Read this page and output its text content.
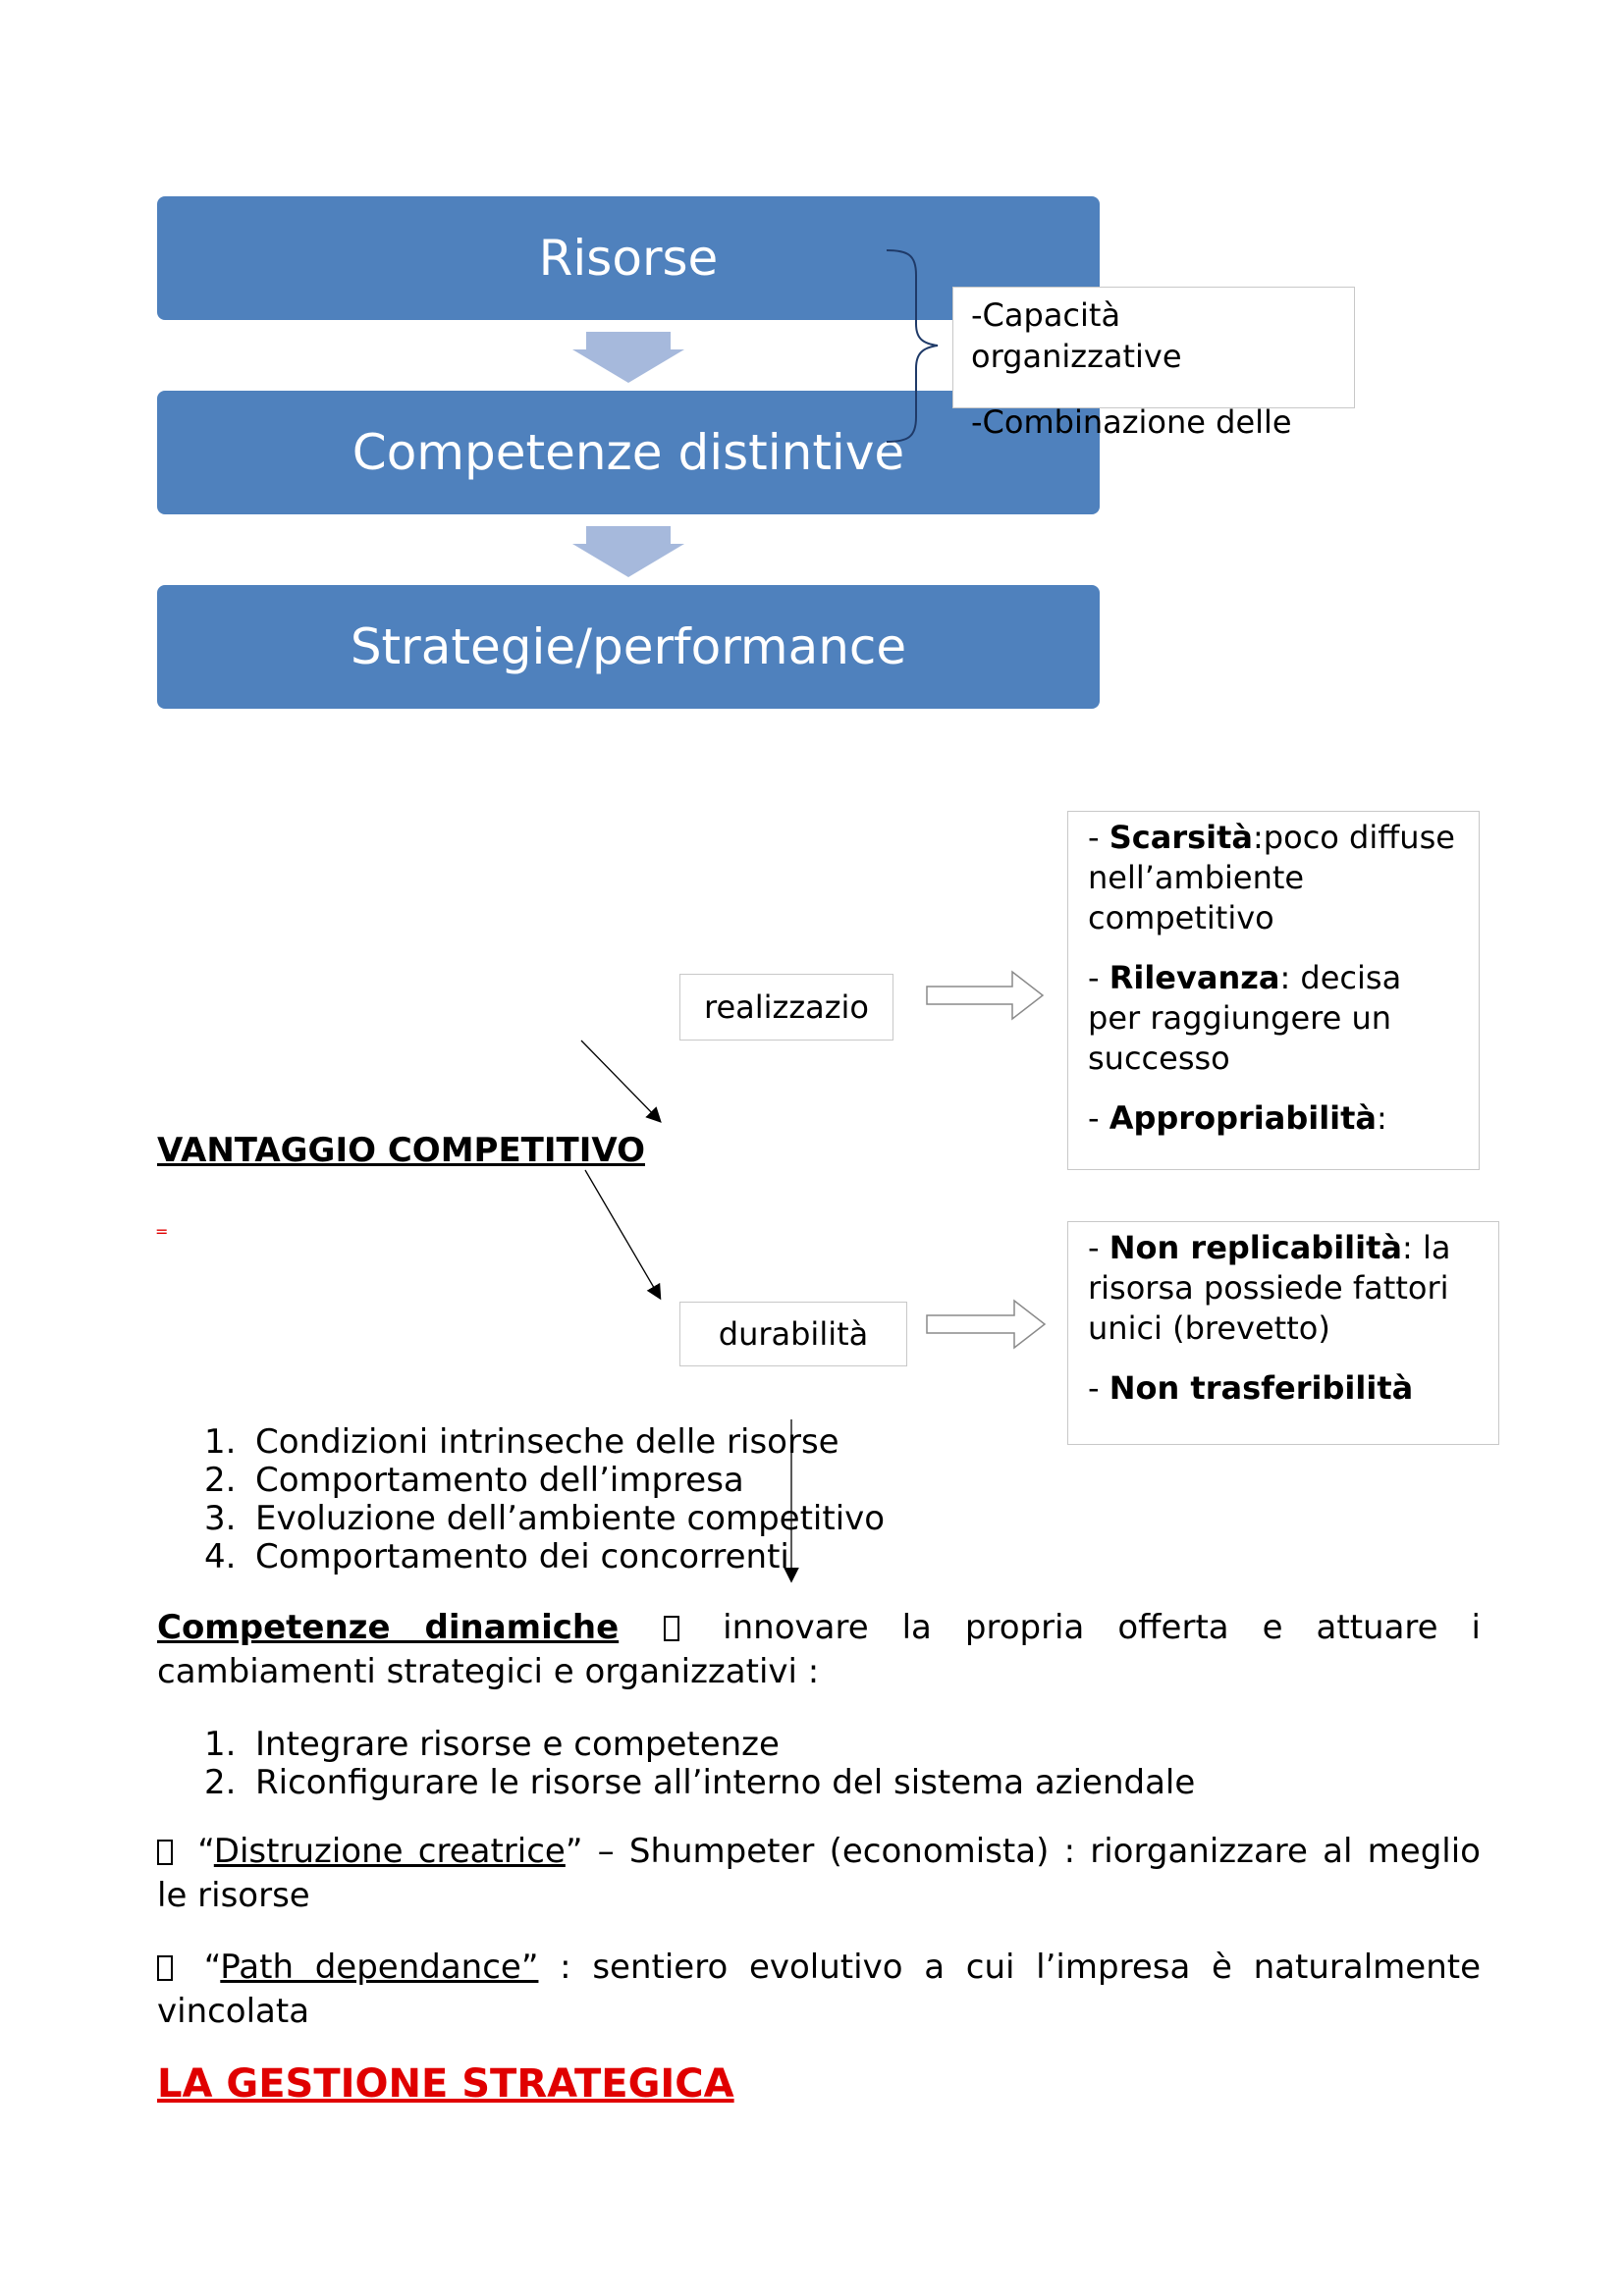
Risorse
Competenze distintive
Strategie/performance

-Capacità organizzative

-Combinazione delle

realizzazio
durabilità
VANTAGGIO COMPETITIVO
=

- Scarsità:poco diffuse nell’ambiente competitivo

- Rilevanza: decisa per raggiungere un successo

- Appropriabilità:

- Non replicabilità: la risorsa possiede fattori unici (brevetto)

- Non trasferibilità

1. Condizioni intrinseche delle risorse
2. Comportamento dell’impresa
3. Evoluzione dell’ambiente competitivo
4. Comportamento dei concorrenti
Competenze dinamiche  innovare la propria offerta e attuare i cambiamenti strategici e organizzativi :
1. Integrare risorse e competenze
2. Riconfigurare le risorse all’interno del sistema aziendale
“Distruzione creatrice” – Shumpeter (economista) : riorganizzare al meglio le risorse
“Path dependance” : sentiero evolutivo a cui l’impresa è naturalmente vincolata
LA GESTIONE STRATEGICA
